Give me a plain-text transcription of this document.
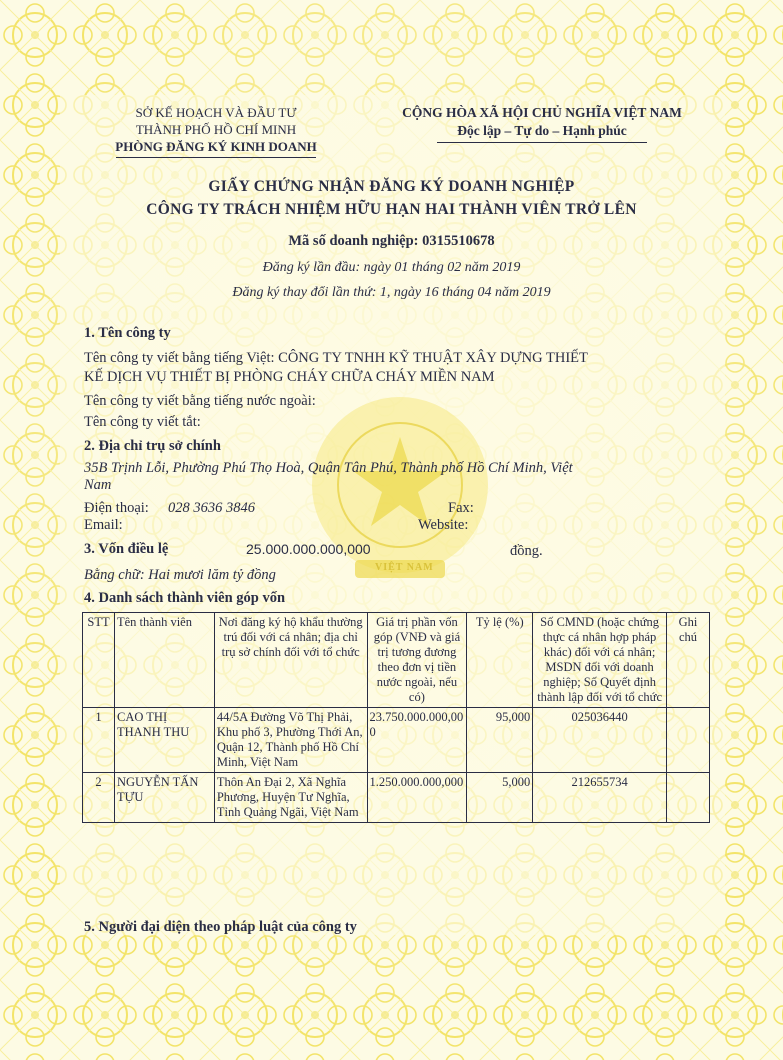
VIỆT NAM
SỞ KẾ HOẠCH VÀ ĐẦU TƯ
THÀNH PHỐ HỒ CHÍ MINH
PHÒNG ĐĂNG KÝ KINH DOANH
CỘNG HÒA XÃ HỘI CHỦ NGHĨA VIỆT NAM
Độc lập – Tự do – Hạnh phúc
GIẤY CHỨNG NHẬN ĐĂNG KÝ DOANH NGHIỆP
CÔNG TY TRÁCH NHIỆM HỮU HẠN HAI THÀNH VIÊN TRỞ LÊN
Mã số doanh nghiệp: 0315510678
Đăng ký lần đầu: ngày 01 tháng 02 năm 2019
Đăng ký thay đổi lần thứ: 1, ngày 16 tháng 04 năm 2019
1. Tên công ty
Tên công ty viết bằng tiếng Việt: CÔNG TY TNHH KỸ THUẬT XÂY DỰNG THIẾT
KẾ DỊCH VỤ THIẾT BỊ PHÒNG CHÁY CHỮA CHÁY MIỀN NAM
Tên công ty viết bằng tiếng nước ngoài:
Tên công ty viết tắt:
2. Địa chỉ trụ sở chính
35B Trịnh Lỗi, Phường Phú Thọ Hoà, Quận Tân Phú, Thành phố Hồ Chí Minh, Việt
Nam
Điện thoại: 028 3636 3846	Fax:
Email:	Website:
3. Vốn điều lệ	25.000.000.000,000	đồng.
Bằng chữ: Hai mươi lăm tỷ đồng
4. Danh sách thành viên góp vốn
STT	Tên thành viên	Nơi đăng ký hộ khẩu thường trú đối với cá nhân; địa chỉ trụ sở chính đối với tổ chức	Giá trị phần vốn góp (VNĐ và giá trị tương đương theo đơn vị tiền nước ngoài, nếu có)	Tỷ lệ (%)	Số CMND (hoặc chứng thực cá nhân hợp pháp khác) đối với cá nhân; MSDN đối với doanh nghiệp; Số Quyết định thành lập đối với tổ chức	Ghi chú
1	CAO THỊ THANH THU	44/5A Đường Võ Thị Phải, Khu phố 3, Phường Thới An, Quận 12, Thành phố Hồ Chí Minh, Việt Nam	23.750.000.000,000	95,000	025036440	
2	NGUYỄN TẤN TỰU	Thôn An Đại 2, Xã Nghĩa Phương, Huyện Tư Nghĩa, Tỉnh Quảng Ngãi, Việt Nam	1.250.000.000,000	5,000	212655734	
5. Người đại diện theo pháp luật của công ty
